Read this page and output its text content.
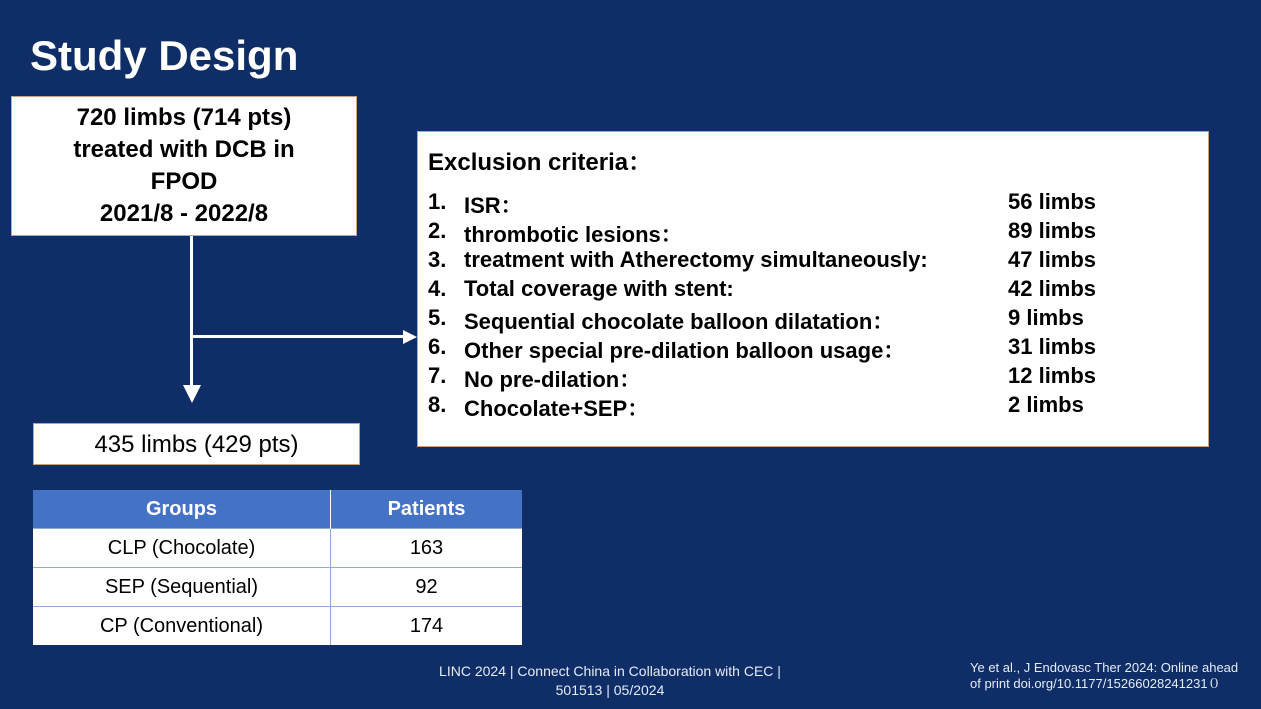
Study Design
720 limbs (714 pts)
treated with DCB in
FPOD
2021/8 - 2022/8
Exclusion criteria：
1. ISR：	56 limbs
2. thrombotic lesions：	89 limbs
3. treatment with Atherectomy simultaneously:	47 limbs
4. Total coverage with stent:	42 limbs
5. Sequential chocolate balloon dilatation：	9 limbs
6. Other special pre-dilation balloon usage：	31 limbs
7. No pre-dilation：	12 limbs
8. Chocolate+SEP：	2 limbs
435 limbs (429 pts)
Groups	Patients
CLP (Chocolate)	163
SEP (Sequential)	92
CP (Conventional)	174
LINC 2024 | Connect China in Collaboration with CEC |
501513 | 05/2024
Ye et al., J Endovasc Ther 2024: Online ahead
of print doi.org/10.1177/15266028241231０
